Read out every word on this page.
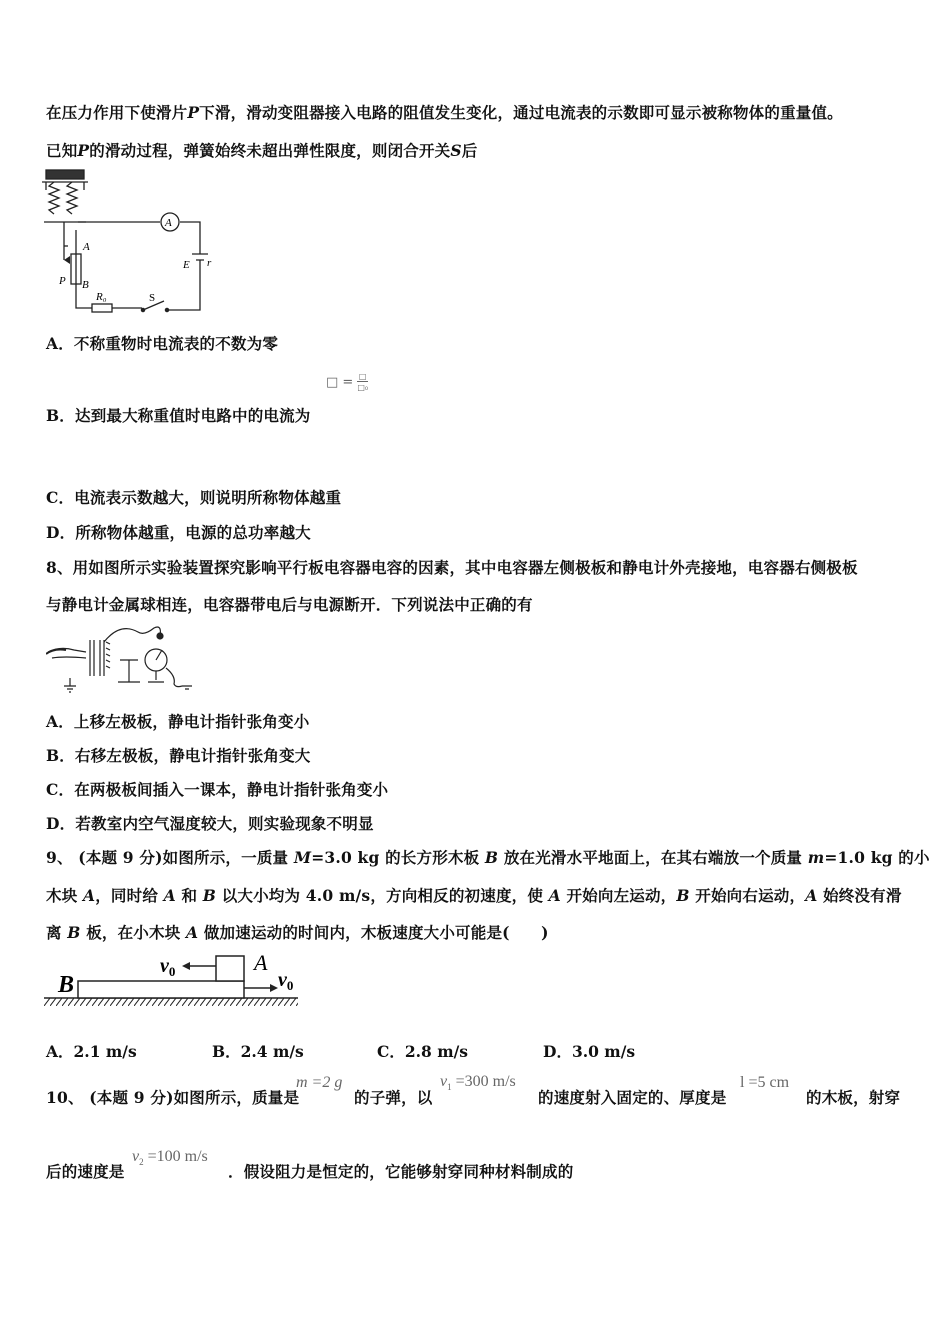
在压力作用下使滑片P下滑，滑动变阻器接入电路的阻值发生变化，通过电流表的示数即可显示被称物体的重量值。
已知P的滑动过程，弹簧始终未超出弹性限度，则闭合开关S后
A
A
P B
E r
R₀	S
A．不称重物时电流表的不数为零
□ = □
□₀
B．达到最大称重值时电路中的电流为
C．电流表示数越大，则说明所称物体越重
D．所称物体越重，电源的总功率越大
8、用如图所示实验装置探究影响平行板电容器电容的因素，其中电容器左侧极板和静电计外壳接地，电容器右侧极板
与静电计金属球相连，电容器带电后与电源断开．下列说法中正确的有
A．上移左极板，静电计指针张角变小
B．右移左极板，静电计指针张角变大
C．在两极板间插入一课本，静电计指针张角变小
D．若教室内空气湿度较大，则实验现象不明显
9、 (本题 9 分)如图所示，一质量 M=3.0 kg 的长方形木板 B 放在光滑水平地面上，在其右端放一个质量 m=1.0 kg 的小
木块 A，同时给 A 和 B 以大小均为 4.0 m/s，方向相反的初速度，使 A 开始向左运动，B 开始向右运动，A 始终没有滑
离 B 板，在小木块 A 做加速运动的时间内，木板速度大小可能是(　　)
B
A
$v_0$	$v_0$
A．2.1 m/s	B．2.4 m/s	C．2.8 m/s	D．3.0 m/s
10、 (本题 9 分)如图所示，质量是
m =2 g
的子弹，以
$v_1 =300$ m/s
的速度射入固定的、厚度是
l =5 cm
的木板，射穿
后的速度是
$v_2 =100$ m/s
．假设阻力是恒定的，它能够射穿同种材料制成的
